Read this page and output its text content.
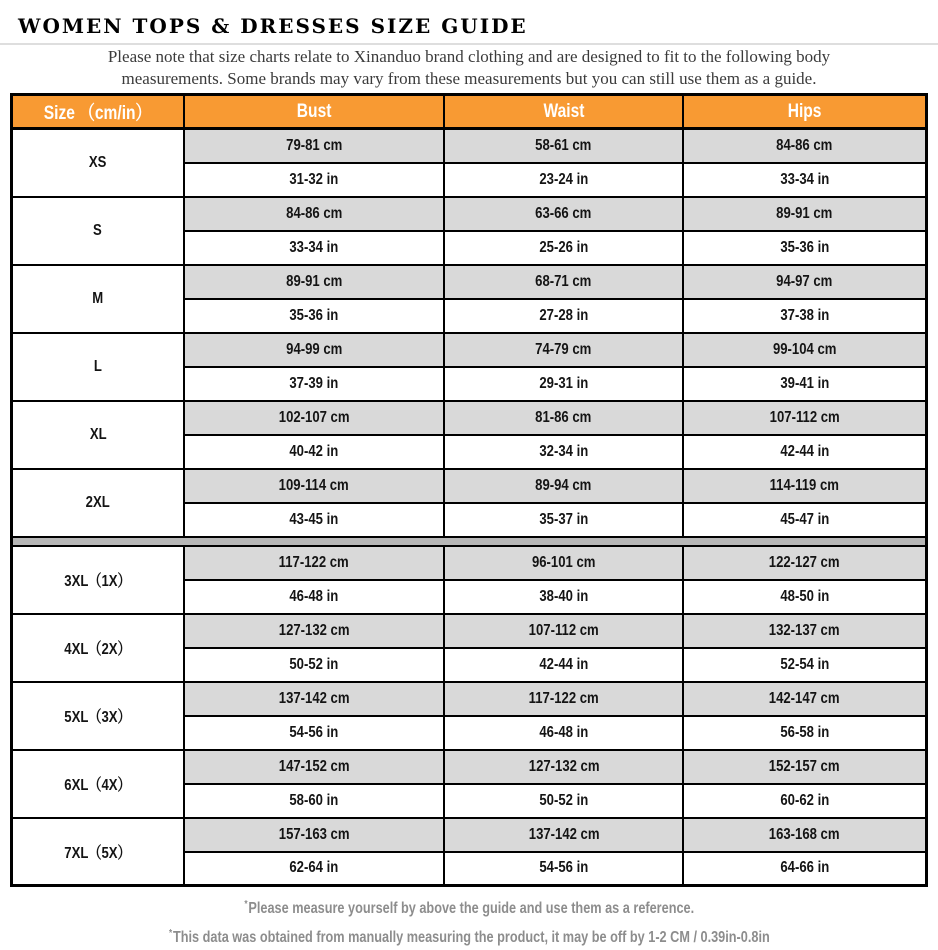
WOMEN TOPS & DRESSES SIZE GUIDE
Please note that size charts relate to Xinanduo brand clothing and are designed to fit to the following body
measurements. Some brands may vary from these measurements but you can still use them as a guide.
Size （cm/in）	Bust	Waist	Hips
XS	79-81 cm	58-61 cm	84-86 cm
	31-32 in	23-24 in	33-34 in
S	84-86 cm	63-66 cm	89-91 cm
	33-34 in	25-26 in	35-36 in
M	89-91 cm	68-71 cm	94-97 cm
	35-36 in	27-28 in	37-38 in
L	94-99 cm	74-79 cm	99-104 cm
	37-39 in	29-31 in	39-41 in
XL	102-107 cm	81-86 cm	107-112 cm
	40-42 in	32-34 in	42-44 in
2XL	109-114 cm	89-94 cm	114-119 cm
	43-45 in	35-37 in	45-47 in

3XL（1X）	117-122 cm	96-101 cm	122-127 cm
	46-48 in	38-40 in	48-50 in
4XL（2X）	127-132 cm	107-112 cm	132-137 cm
	50-52 in	42-44 in	52-54 in
5XL（3X）	137-142 cm	117-122 cm	142-147 cm
	54-56 in	46-48 in	56-58 in
6XL（4X）	147-152 cm	127-132 cm	152-157 cm
	58-60 in	50-52 in	60-62 in
7XL（5X）	157-163 cm	137-142 cm	163-168 cm
	62-64 in	54-56 in	64-66 in
*Please measure yourself by above the guide and use them as a reference.
*This data was obtained from manually measuring the product, it may be off by 1-2 CM / 0.39in-0.8in
